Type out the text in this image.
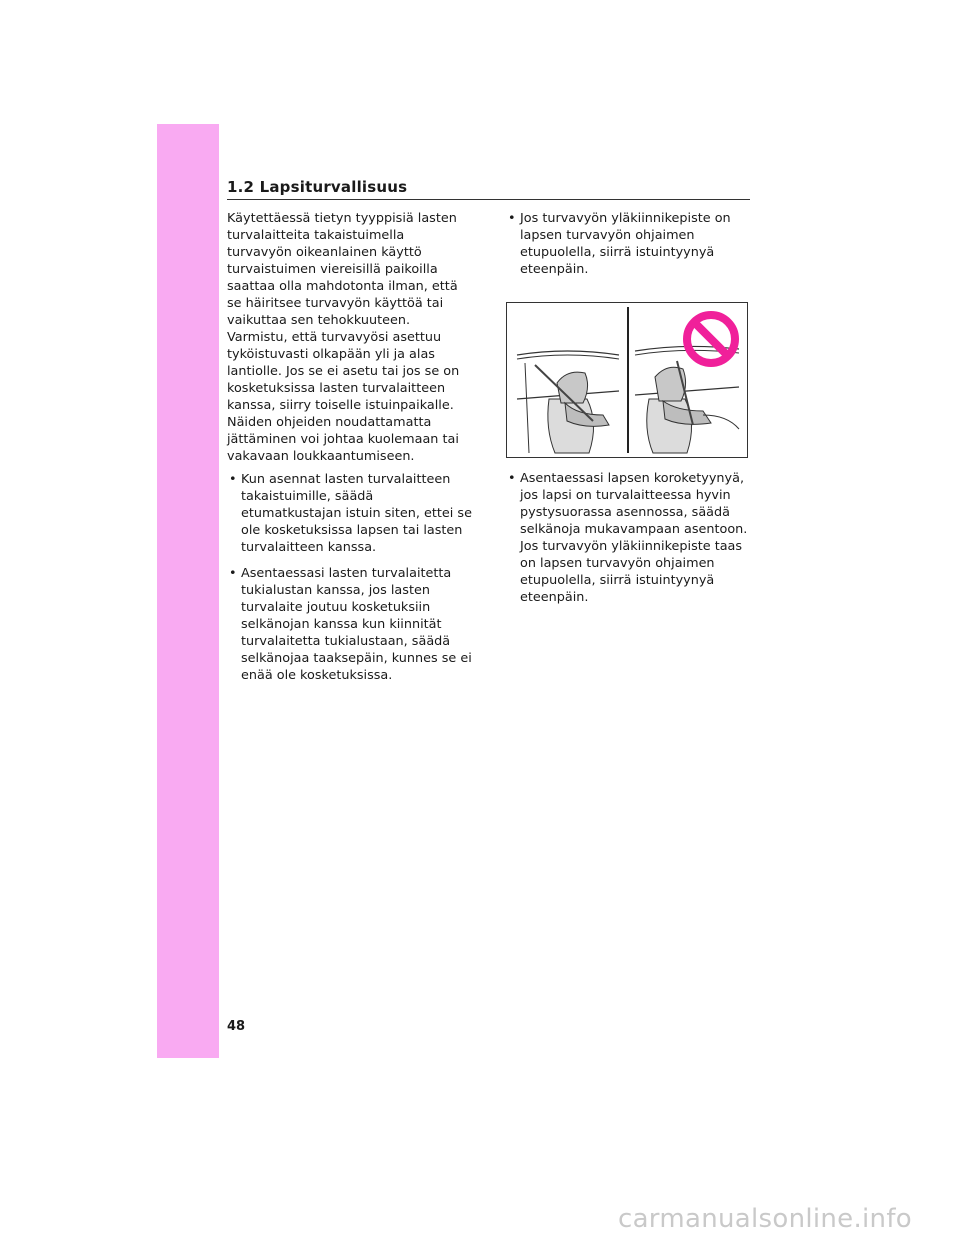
1.2 Lapsiturvallisuus

Käytettäessä tietyn tyyppisiä lasten turvalaitteita takaistuimella turvavyön oikeanlainen käyttö turvaistuimen viereisillä paikoilla saattaa olla mahdotonta ilman, että se häiritsee turvavyön käyttöä tai vaikuttaa sen tehokkuuteen. Varmistu, että turvavyösi asettuu tyköistuvasti olkapään yli ja alas lantiolle. Jos se ei asetu tai jos se on kosketuksissa lasten turvalaitteen kanssa, siirry toiselle istuinpaikalle. Näiden ohjeiden noudattamatta jättäminen voi johtaa kuolemaan tai vakavaan loukkaantumiseen.

• Kun asennat lasten turvalaitteen takaistuimille, säädä etumatkustajan istuin siten, ettei se ole kosketuksissa lapsen tai lasten turvalaitteen kanssa.
• Asentaessasi lasten turvalaitetta tukialustan kanssa, jos lasten turvalaite joutuu kosketuksiin selkänojan kanssa kun kiinnität turvalaitetta tukialustaan, säädä selkänojaa taaksepäin, kunnes se ei enää ole kosketuksissa.
• Jos turvavyön yläkiinnikepiste on lapsen turvavyön ohjaimen etupuolella, siirrä istuintyynyä eteenpäin.
• Asentaessasi lapsen koroketyynyä, jos lapsi on turvalaitteessa hyvin pystysuorassa asennossa, säädä selkänoja mukavampaan asentoon. Jos turvavyön yläkiinnikepiste taas on lapsen turvavyön ohjaimen etupuolella, siirrä istuintyynyä eteenpäin.
48
carmanualsonline.info
